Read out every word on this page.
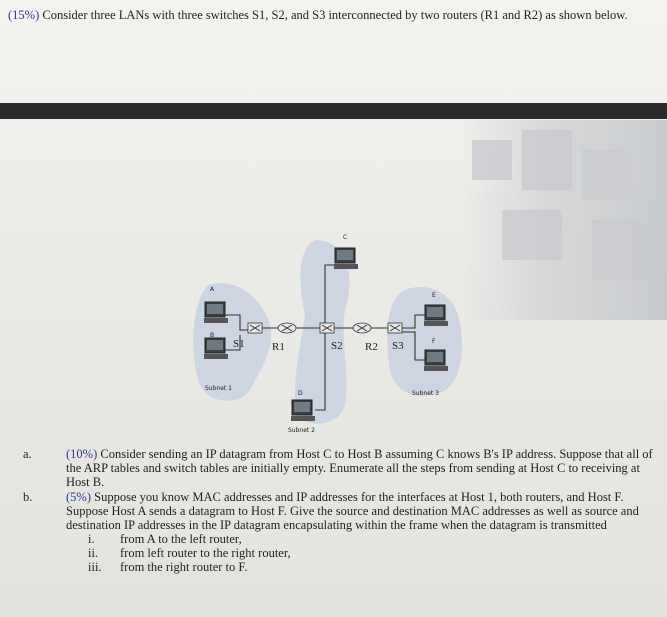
(15%) Consider three LANs with three switches S1, S2, and S3 interconnected by two routers (R1 and R2) as shown below.
A
B
C
D
E
F
S1	S2	S3
R1	R2
Subnet 1
Subnet 2
Subnet 3

a.	(10%) Consider sending an IP datagram from Host C to Host B assuming C knows B's IP address. Suppose that all of the ARP tables and switch tables are initially empty. Enumerate all the steps from sending at Host C to receiving at Host B.

b.	(5%) Suppose you know MAC addresses and IP addresses for the interfaces at Host 1, both routers, and Host F. Suppose Host A sends a datagram to Host F. Give the source and destination MAC addresses as well as source and destination IP addresses in the IP datagram encapsulating within the frame when the datagram is transmitted

i. from A to the left router,
ii. from left router to the right router,
iii. from the right router to F.
